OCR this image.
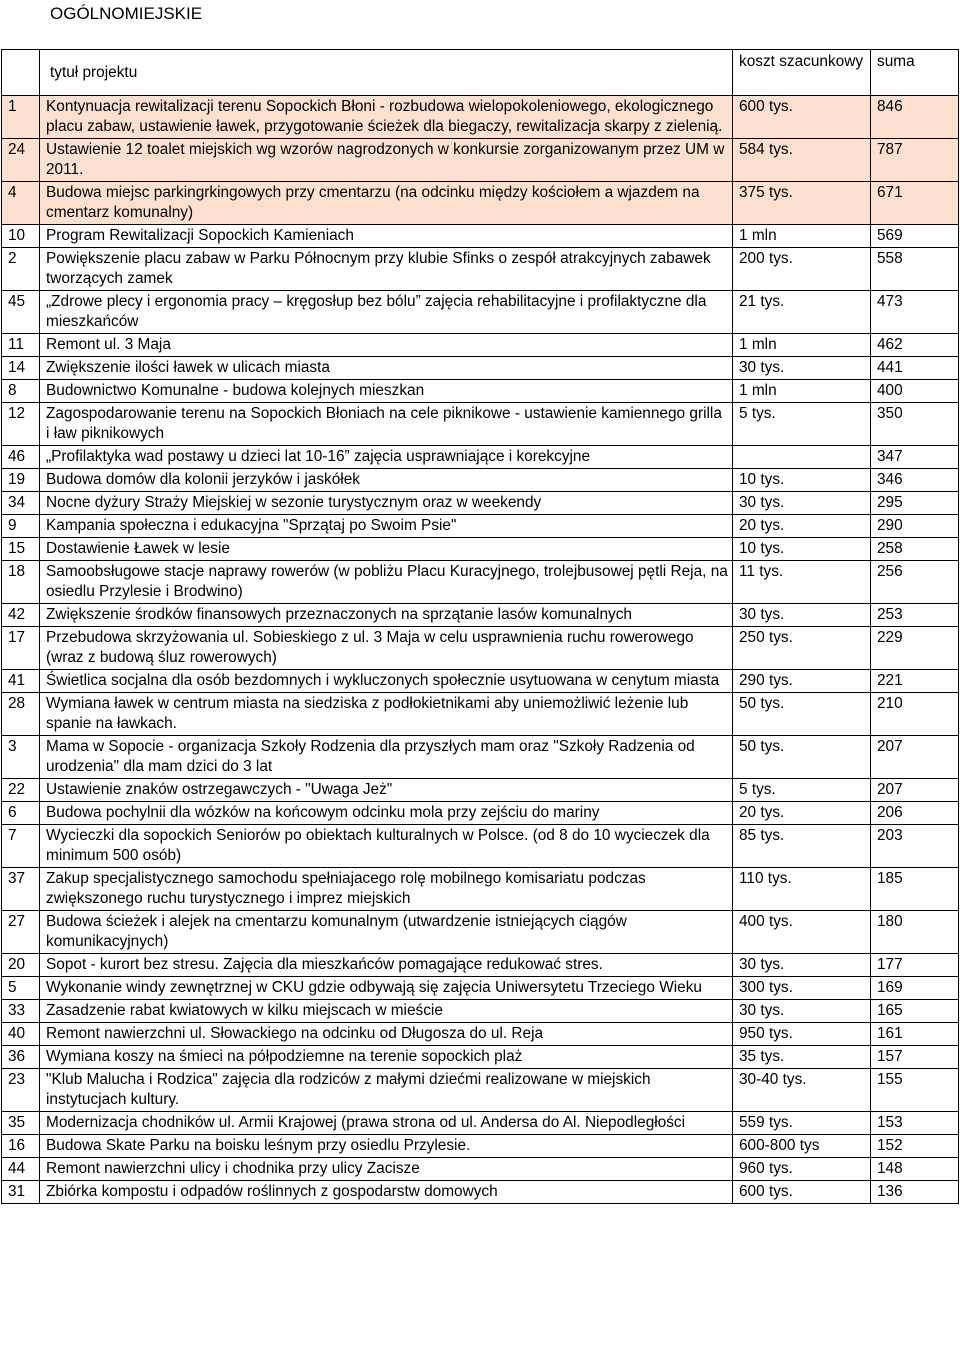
OGÓLNOMIEJSKIE
	tytuł projektu	koszt szacunkowy	suma
1	Kontynuacja rewitalizacji terenu Sopockich Błoni - rozbudowa wielopokoleniowego, ekologicznego placu zabaw, ustawienie ławek, przygotowanie ścieżek dla biegaczy, rewitalizacja skarpy z zielenią.	600 tys.	846
24	Ustawienie 12 toalet miejskich wg wzorów nagrodzonych w konkursie zorganizowanym przez UM w 2011.	584 tys.	787
4	Budowa miejsc parkingrkingowych przy cmentarzu (na odcinku między kościołem a wjazdem na cmentarz komunalny)	375 tys.	671
10	Program Rewitalizacji Sopockich Kamieniach	1 mln	569
2	Powiększenie placu zabaw w Parku Północnym przy klubie Sfinks o zespół atrakcyjnych zabawek tworzących zamek	200 tys.	558
45	„Zdrowe plecy i ergonomia pracy – kręgosłup bez bólu” zajęcia rehabilitacyjne i profilaktyczne dla mieszkańców	21 tys.	473
11	Remont ul. 3 Maja	1 mln	462
14	Zwiększenie ilości ławek w ulicach miasta	30 tys.	441
8	Budownictwo Komunalne - budowa kolejnych mieszkan	1 mln	400
12	Zagospodarowanie terenu na Sopockich Błoniach na cele piknikowe - ustawienie kamiennego grilla i ław piknikowych	5 tys.	350
46	„Profilaktyka wad postawy u dzieci lat 10-16” zajęcia usprawniające i korekcyjne		347
19	Budowa domów dla kolonii jerzyków i jaskółek	10 tys.	346
34	Nocne dyżury Straży Miejskiej w sezonie turystycznym oraz w weekendy	30 tys.	295
9	Kampania społeczna i edukacyjna "Sprzątaj po Swoim Psie"	20 tys.	290
15	Dostawienie Ławek w lesie	10 tys.	258
18	Samoobsługowe stacje naprawy rowerów (w pobliżu Placu Kuracyjnego, trolejbusowej pętli Reja, na osiedlu Przylesie i Brodwino)	11 tys.	256
42	Zwiększenie środków finansowych przeznaczonych na sprzątanie lasów komunalnych	30 tys.	253
17	Przebudowa skrzyżowania ul. Sobieskiego z ul. 3 Maja w celu usprawnienia ruchu rowerowego (wraz z budową śluz rowerowych)	250 tys.	229
41	Świetlica socjalna dla osób bezdomnych i wykluczonych społecznie usytuowana w cenytum miasta	290 tys.	221
28	Wymiana ławek w centrum miasta na siedziska z podłokietnikami aby uniemożliwić leżenie lub spanie na ławkach.	50 tys.	210
3	Mama w Sopocie - organizacja Szkoły Rodzenia dla przyszłych mam oraz "Szkoły Radzenia od urodzenia" dla mam dzici do 3 lat	50 tys.	207
22	Ustawienie znaków ostrzegawczych - "Uwaga Jeż"	5 tys.	207
6	Budowa pochylnii dla wózków na końcowym odcinku mola przy zejściu do mariny	20 tys.	206
7	Wycieczki dla sopockich Seniorów po obiektach kulturalnych w Polsce. (od 8 do 10 wycieczek dla minimum 500 osób)	85 tys.	203
37	Zakup specjalistycznego samochodu spełniajacego rolę mobilnego komisariatu podczas zwiększonego ruchu turystycznego i imprez miejskich	110 tys.	185
27	Budowa ścieżek i alejek na cmentarzu komunalnym (utwardzenie istniejących ciągów komunikacyjnych)	400 tys.	180
20	Sopot - kurort bez stresu. Zajęcia dla mieszkańców pomagające redukować stres.	30 tys.	177
5	Wykonanie windy zewnętrznej w CKU gdzie odbywają się zajęcia Uniwersytetu Trzeciego Wieku	300 tys.	169
33	Zasadzenie rabat kwiatowych w kilku miejscach w mieście	30 tys.	165
40	Remont nawierzchni ul. Słowackiego na odcinku od Długosza do ul. Reja	950 tys.	161
36	Wymiana koszy na śmieci na półpodziemne na terenie sopockich plaż	35 tys.	157
23	"Klub Malucha i Rodzica" zajęcia dla rodziców z małymi dziećmi realizowane w miejskich instytucjach kultury.	30-40 tys.	155
35	Modernizacja chodników ul. Armii Krajowej (prawa strona od ul. Andersa do Al. Niepodległości	559 tys.	153
16	Budowa Skate Parku na boisku leśnym przy osiedlu Przylesie.	600-800 tys	152
44	Remont nawierzchni ulicy i chodnika przy ulicy Zacisze	960 tys.	148
31	Zbiórka kompostu i odpadów roślinnych z gospodarstw domowych	600 tys.	136
